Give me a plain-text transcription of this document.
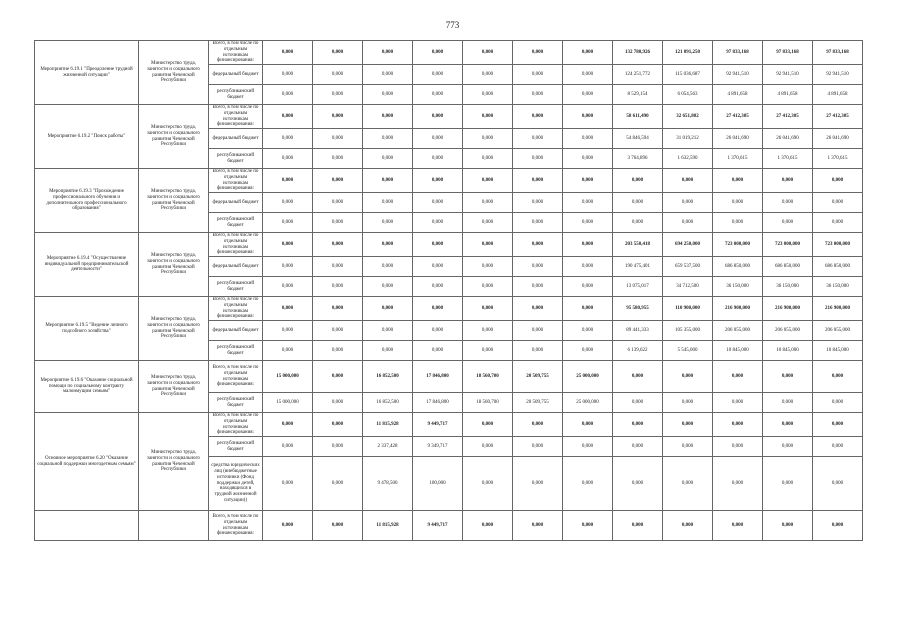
773
Мероприятие 6.19.1 "Преодоление трудной жизненной ситуации"	Министерство труда, занятости и социального развития Чеченской Республики	Всего, в том числе по отдельным источникам финансирования:	0,000	0,000	0,000	0,000	0,000	0,000	0,000	132 780,926	121 091,250	97 833,168	97 833,168	97 833,168
		федеральный бюджет	0,000	0,000	0,000	0,000	0,000	0,000	0,000	124 251,772	115 036,687	92 941,510	92 941,510	92 941,510
		республиканский бюджет	0,000	0,000	0,000	0,000	0,000	0,000	0,000	8 529,154	6 054,563	4 891,658	4 891,658	4 891,658
Мероприятие 6.19.2 "Поиск работы"	Министерство труда, занятости и социального развития Чеченской Республики	Всего, в том числе по отдельным источникам финансирования:	0,000	0,000	0,000	0,000	0,000	0,000	0,000	58 611,490	32 651,802	27 412,305	27 412,305	27 412,305
		федеральный бюджет	0,000	0,000	0,000	0,000	0,000	0,000	0,000	54 846,594	31 019,212	26 041,690	26 041,690	26 041,690
		республиканский бюджет	0,000	0,000	0,000	0,000	0,000	0,000	0,000	3 764,896	1 632,590	1 370,615	1 370,615	1 370,615
Мероприятие 6.19.3 "Прохождение профессионального обучения и дополнительного профессионального образования"	Министерство труда, занятости и социального развития Чеченской Республики	Всего, в том числе по отдельным источникам финансирования:	0,000	0,000	0,000	0,000	0,000	0,000	0,000	0,000	0,000	0,000	0,000	0,000
		федеральный бюджет	0,000	0,000	0,000	0,000	0,000	0,000	0,000	0,000	0,000	0,000	0,000	0,000
		республиканский бюджет	0,000	0,000	0,000	0,000	0,000	0,000	0,000	0,000	0,000	0,000	0,000	0,000
Мероприятие 6.19.4 "Осуществление индивидуальной предпринимательской деятельности"	Министерство труда, занятости и социального развития Чеченской Республики	Всего, в том числе по отдельным источникам финансирования:	0,000	0,000	0,000	0,000	0,000	0,000	0,000	203 550,418	694 250,000	723 000,000	723 000,000	723 000,000
		федеральный бюджет	0,000	0,000	0,000	0,000	0,000	0,000	0,000	190 475,401	659 537,500	686 850,000	686 850,000	686 850,000
		республиканский бюджет	0,000	0,000	0,000	0,000	0,000	0,000	0,000	13 075,017	34 712,500	36 150,000	36 150,000	36 150,000
Мероприятие 6.19.5 "Ведение личного подсобного хозяйства"	Министерство труда, занятости и социального развития Чеченской Республики	Всего, в том числе по отдельным источникам финансирования:	0,000	0,000	0,000	0,000	0,000	0,000	0,000	95 580,955	110 900,000	216 900,000	216 900,000	216 900,000
		федеральный бюджет	0,000	0,000	0,000	0,000	0,000	0,000	0,000	89 441,333	105 355,000	206 055,000	206 055,000	206 055,000
		республиканский бюджет	0,000	0,000	0,000	0,000	0,000	0,000	0,000	6 139,622	5 545,000	10 845,000	10 845,000	10 845,000
Мероприятие 6.19.6 "Оказание социальной помощи по социальному контракту малоимущим семьям"	Министерство труда, занятости и социального развития Чеченской Республики	Всего, в том числе по отдельным источникам финансирования:	15 000,000	0,000	16 852,500	17 846,800	18 560,700	20 509,755	25 000,000	0,000	0,000	0,000	0,000	0,000
		республиканский бюджет	15 000,000	0,000	16 852,500	17 846,800	18 560,700	20 509,755	25 000,000	0,000	0,000	0,000	0,000	0,000
Основное мероприятие 6.20 "Оказание социальной поддержки многодетным семьям"	Министерство труда, занятости и социального развития Чеченской Республики	Всего, в том числе по отдельным источникам финансирования:	0,000	0,000	11 815,928	9 449,717	0,000	0,000	0,000	0,000	0,000	0,000	0,000	0,000
		республиканский бюджет	0,000	0,000	2 337,428	9 349,717	0,000	0,000	0,000	0,000	0,000	0,000	0,000	0,000
		средства юридических лиц (внебюджетные источники (Фонд поддержки детей, находящихся в трудной жизненной ситуации))	0,000	0,000	9 478,500	100,000	0,000	0,000	0,000	0,000	0,000	0,000	0,000	0,000
		Всего, в том числе по отдельным источникам финансирования:	0,000	0,000	11 815,928	9 449,717	0,000	0,000	0,000	0,000	0,000	0,000	0,000	0,000
